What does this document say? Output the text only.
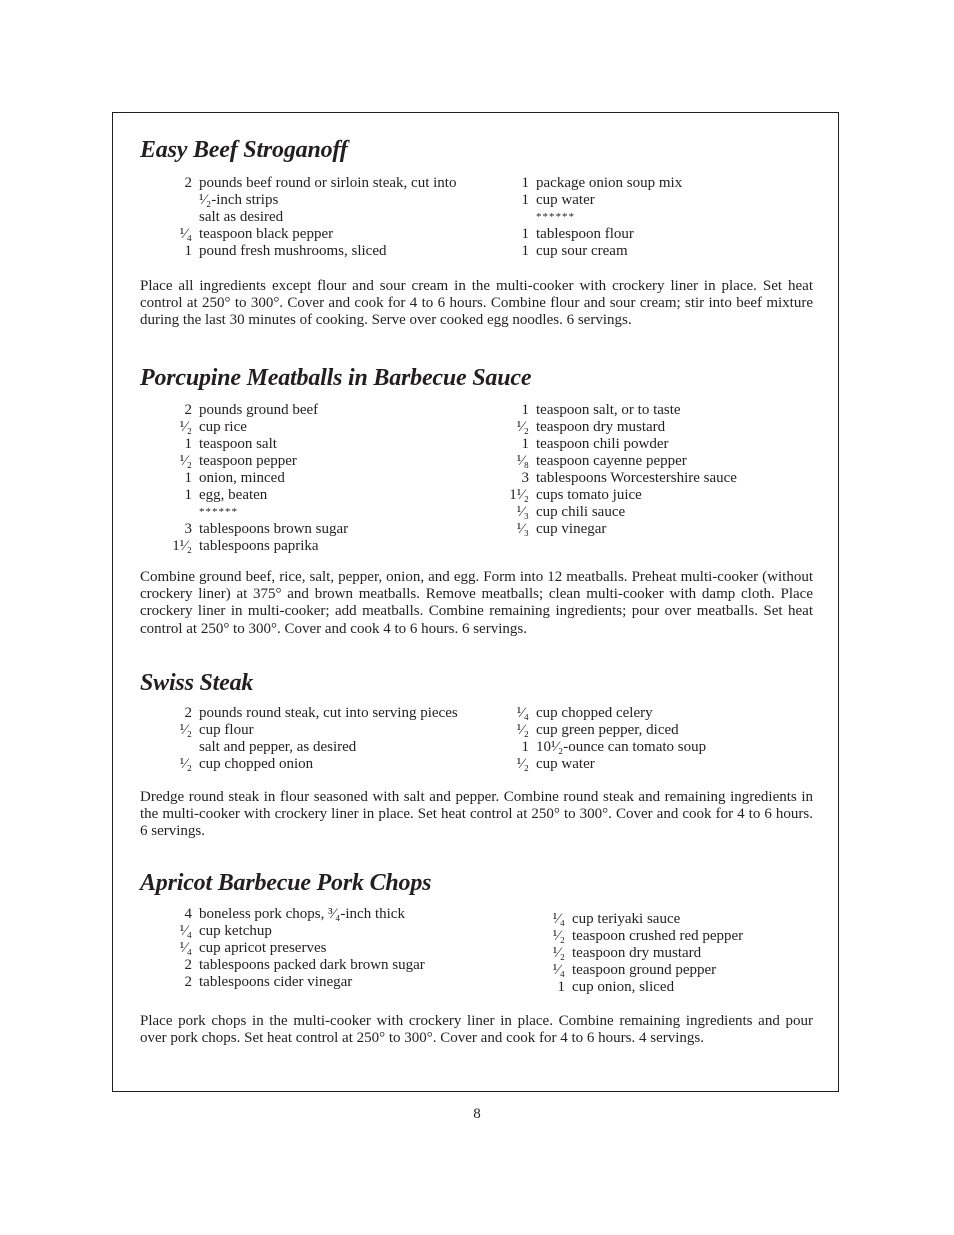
Easy Beef Stroganoff
2 pounds beef round or sirloin steak, cut into
¹⁄₂-inch strips
salt as desired
¹⁄₄ teaspoon black pepper
1 pound fresh mushrooms, sliced
1 package onion soup mix
1 cup water
******
1 tablespoon flour
1 cup sour cream

Place all ingredients except flour and sour cream in the multi-cooker with crockery liner in place. Set heat control at 250° to 300°. Cover and cook for 4 to 6 hours. Combine flour and sour cream; stir into beef mixture during the last 30 minutes of cooking. Serve over cooked egg noodles. 6 servings.

Porcupine Meatballs in Barbecue Sauce
2 pounds ground beef
¹⁄₂ cup rice
1 teaspoon salt
¹⁄₂ teaspoon pepper
1 onion, minced
1 egg, beaten
******
3 tablespoons brown sugar
1¹⁄₂ tablespoons paprika
1 teaspoon salt, or to taste
¹⁄₂ teaspoon dry mustard
1 teaspoon chili powder
¹⁄₈ teaspoon cayenne pepper
3 tablespoons Worcestershire sauce
1¹⁄₂ cups tomato juice
¹⁄₃ cup chili sauce
¹⁄₃ cup vinegar

Combine ground beef, rice, salt, pepper, onion, and egg. Form into 12 meatballs. Preheat multi-cooker (without crockery liner) at 375° and brown meatballs. Remove meatballs; clean multi-cooker with damp cloth. Place crockery liner in multi-cooker; add meatballs. Combine remaining ingredients; pour over meatballs. Set heat control at 250° to 300°. Cover and cook 4 to 6 hours. 6 servings.

Swiss Steak
2 pounds round steak, cut into serving pieces
¹⁄₂ cup flour
salt and pepper, as desired
¹⁄₂ cup chopped onion
¹⁄₄ cup chopped celery
¹⁄₂ cup green pepper, diced
1 10¹⁄₂-ounce can tomato soup
¹⁄₂ cup water

Dredge round steak in flour seasoned with salt and pepper. Combine round steak and remaining ingredients in the multi-cooker with crockery liner in place. Set heat control at 250° to 300°. Cover and cook for 4 to 6 hours. 6 servings.

Apricot Barbecue Pork Chops
4 boneless pork chops, ³⁄₄-inch thick
¹⁄₄ cup ketchup
¹⁄₄ cup apricot preserves
2 tablespoons packed dark brown sugar
2 tablespoons cider vinegar
¹⁄₄ cup teriyaki sauce
¹⁄₂ teaspoon crushed red pepper
¹⁄₂ teaspoon dry mustard
¹⁄₄ teaspoon ground pepper
1 cup onion, sliced

Place pork chops in the multi-cooker with crockery liner in place. Combine remaining ingredients and pour over pork chops. Set heat control at 250° to 300°. Cover and cook for 4 to 6 hours. 4 servings.

8
